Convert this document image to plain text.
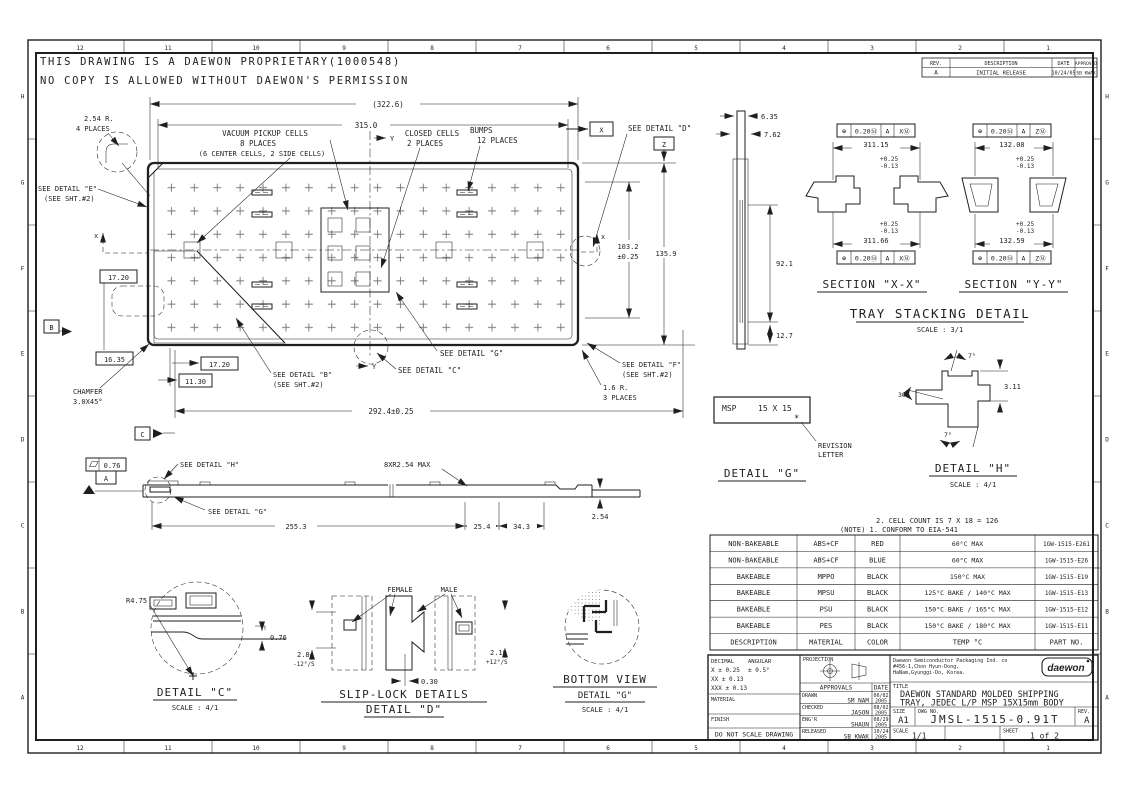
12	11	10	9	8	7	6	5	4	3	2	1
12	11	10	9	8	7	6	5	4	3	2	1
H
G
F
E
D
C
B
A
H
G
F
E
D
C
B
A
THIS DRAWING IS A DAEWON PROPRIETARY(1000548)
NO COPY IS ALLOWED WITHOUT DAEWON'S PERMISSION
REV.	DESCRIPTION	DATE APPROVED
A	INITIAL RELEASE	10/24/05 SB KWAK
(322.6)
315.0
292.4±0.25
103.2
±0.25 135.9
X
Z
Y
Y
x	x
2.54 R.
4 PLACES
SEE DETAIL "E"
(SEE SHT.#2)
VACUUM PICKUP CELLS
8 PLACES
(6 CENTER CELLS, 2 SIDE CELLS)
CLOSED CELLS
2 PLACES
BUMPS
12 PLACES
SEE DETAIL "D"
SEE DETAIL "G"
SEE DETAIL "C"
SEE DETAIL "B"
(SEE SHT.#2)
SEE DETAIL "F"
(SEE SHT.#2)
1.6 R.
3 PLACES
CHAMFER
3.0X45°
17.20
16.35
17.20
11.30
B
C
6.35
7.62
92.1
12.7
⊕ 0.20Ⓜ A XⓂ
⊕ 0.20Ⓜ A XⓂ
⊕ 0.20Ⓜ A ZⓂ
⊕ 0.20Ⓜ A ZⓂ
311.15
+0.25
-0.13
311.66
+0.25
-0.13
132.08
+0.25
-0.13
132.59
+0.25
-0.13
SECTION "X-X"	SECTION "Y-Y"
TRAY STACKING DETAIL
SCALE : 3/1
MSP	15 X 15
*
REVISION
LETTER
DETAIL "G"
7°
30°
7°
3.11
DETAIL "H"
SCALE : 4/1
2. CELL COUNT IS 7 X 18 = 126
(NOTE) 1. CONFORM TO EIA-541
NON-BAKEABLE	ABS+CF	RED	60°C MAX	1GW-1515-E261
NON-BAKEABLE	ABS+CF	BLUE	60°C MAX	1GW-1515-E26
BAKEABLE	MPPO	BLACK	150°C MAX	1GW-1515-E19
BAKEABLE	MPSU	BLACK	125°C BAKE / 140°C MAX	1GW-1515-E13
BAKEABLE	PSU	BLACK	150°C BAKE / 165°C MAX	1GW-1515-E12
BAKEABLE	PES	BLACK	150°C BAKE / 180°C MAX	1GW-1515-E11
DESCRIPTION	MATERIAL	COLOR	TEMP °C	PART NO.
DECIMAL	ANGULAR
X ± 0.25 ± 0.5°
XX ± 0.13
XXX ± 0.13
MATERIAL
FINISH
DO NOT SCALE DRAWING
PROJECTION
APPROVALS	DATE
DRAWN
SM NAM
06/02
2005
CHECKED
JASON
08/02
2005
ENG'R
SHAUN
08/29
2005
RELEASED
SB KWAK
10/24
2005
Daewon Semiconductor Packaging Ind. co
#456-1,Chon Hyun-Dong,
HaNam,Gyunggi-Do, Korea.	daewon
TITLE
DAEWON STANDARD MOLDED SHIPPING
TRAY, JEDEC L/P MSP 15X15mm BODY
SIZE
A1
DWG NO.
JMSL-1515-0.91T
REV.
A
SCALE 1/1	SHEET 1 of 2
0.76
A
SEE DETAIL "H"
SEE DETAIL "G"
8XR2.54 MAX
255.3	25.4	34.3
2.54
R4.75
0.76
DETAIL "C"
SCALE : 4/1
FEMALE	MALE
2.84
-12°/S
2.10
+12°/S
0.30
SLIP-LOCK DETAILS
DETAIL "D"
BOTTOM VIEW
DETAIL "G"
SCALE : 4/1
